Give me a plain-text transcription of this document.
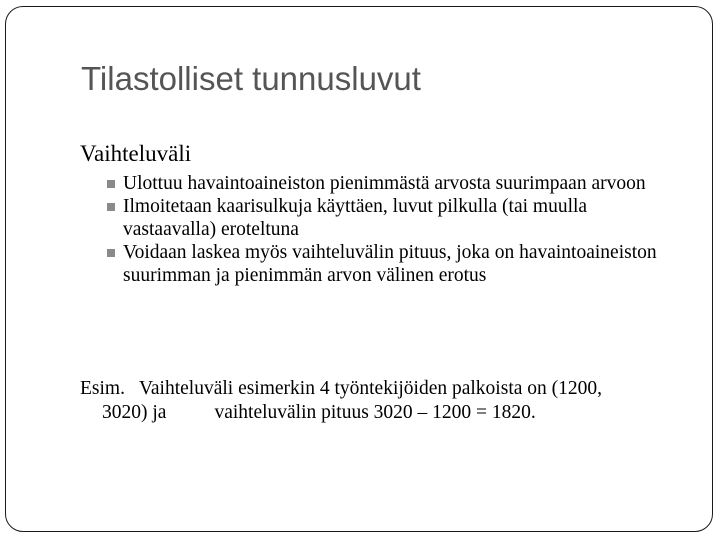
Tilastolliset tunnusluvut
Vaihteluväli
Ulottuu havaintoaineiston pienimmästä arvosta suurimpaan arvoon
Ilmoitetaan kaarisulkuja käyttäen, luvut pilkulla (tai muulla vastaavalla) eroteltuna
Voidaan laskea myös vaihteluvälin pituus, joka on havaintoaineiston suurimman ja pienimmän arvon välinen erotus
Esim. Vaihteluväli esimerkin 4 työntekijöiden palkoista on (1200,
3020) ja vaihteluvälin pituus 3020 – 1200 = 1820.
